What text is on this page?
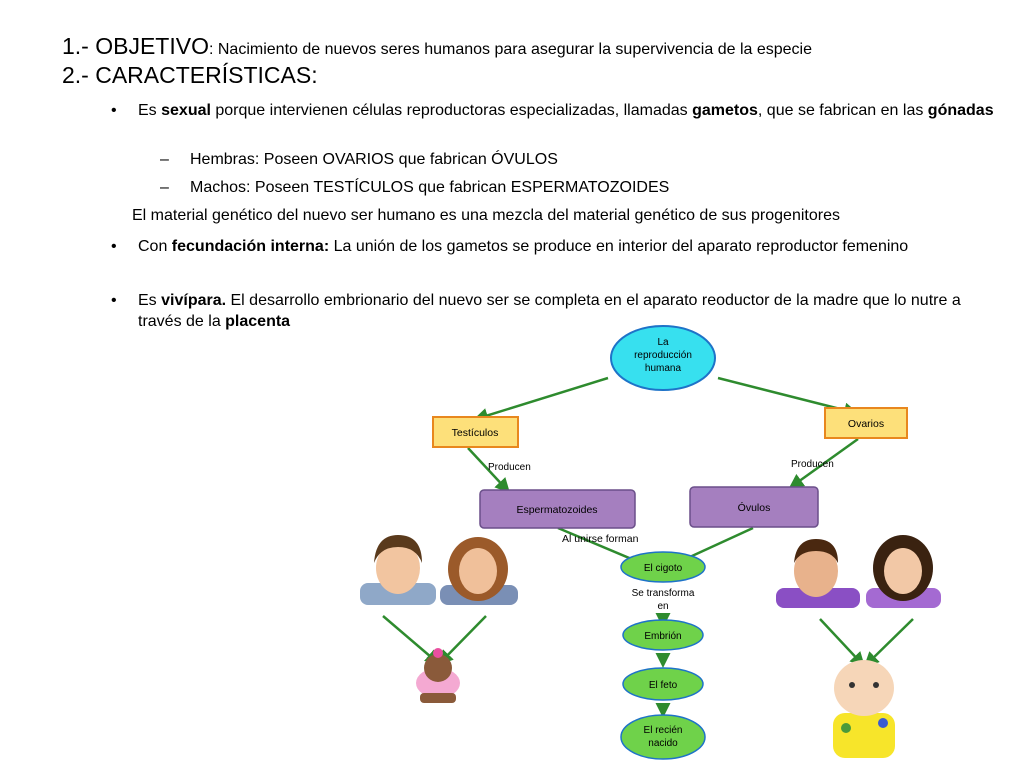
1.- OBJETIVO: Nacimiento de nuevos seres humanos para asegurar la supervivencia de la especie
2.- CARACTERÍSTICAS:
• Es sexual porque intervienen células reproductoras especializadas, llamadas gametos, que se fabrican en las gónadas
– Hembras: Poseen OVARIOS que fabrican ÓVULOS
– Machos: Poseen TESTÍCULOS que fabrican ESPERMATOZOIDES
El material genético del nuevo ser humano es una mezcla del material genético de sus progenitores
• Con fecundación interna: La unión de los gametos se produce en interior del aparato reproductor femenino
• Es vivípara. El desarrollo embrionario del nuevo ser se completa en el aparato reoductor de la madre que lo nutre a través de la placenta
La
reproducción
humana
Testículos
Ovarios
Producen	Producen
Espermatozoides	Óvulos
Al unirse forman
El cigoto
Se transforma
en
Embrión
El feto
El recién
nacido
